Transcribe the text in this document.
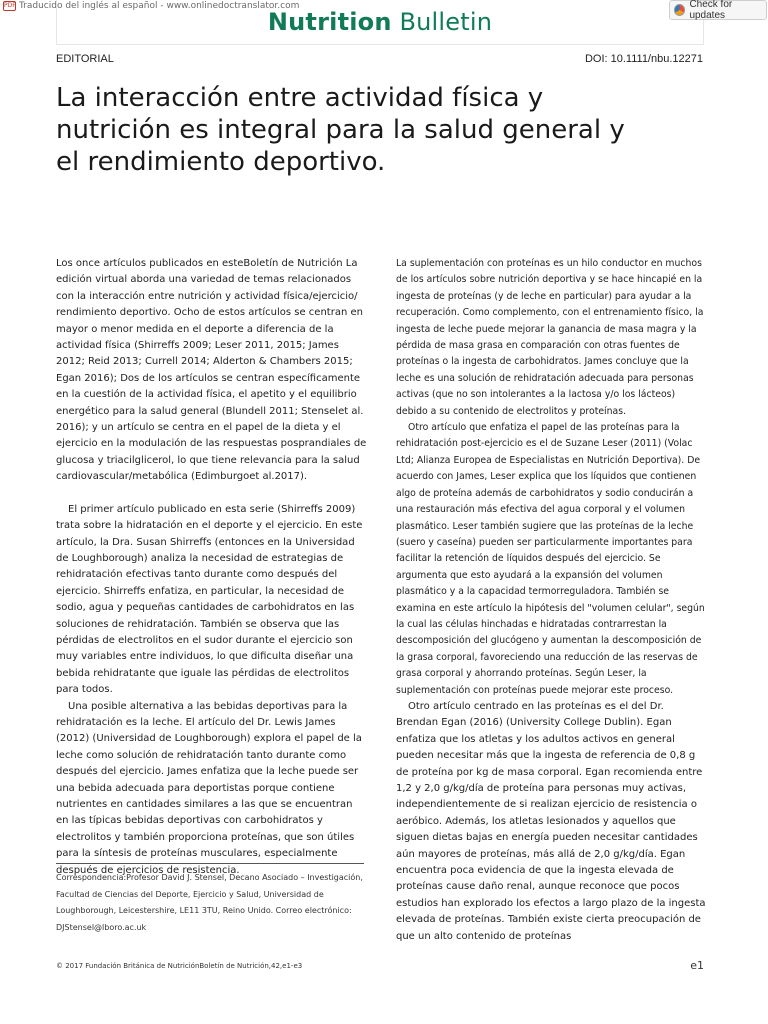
PDF Traducido del inglés al español - www.onlinedoctranslator.com
Nutrition Bulletin
Check for updates
EDITORIAL	DOI: 10.1111/nbu.12271
La interacción entre actividad física y nutrición es integral para la salud general y el rendimiento deportivo.

Los once artículos publicados en esteBoletín de Nutrición La edición virtual aborda una variedad de temas relacionados con la interacción entre nutrición y actividad física/ejercicio/ rendimiento deportivo. Ocho de estos artículos se centran en mayor o menor medida en el deporte a diferencia de la actividad física (Shirreffs 2009; Leser 2011, 2015; James 2012; Reid 2013; Currell 2014; Alderton & Chambers 2015; Egan 2016); Dos de los artículos se centran específicamente en la cuestión de la actividad física, el apetito y el equilibrio energético para la salud general (Blundell 2011; Stenselet al. 2016); y un artículo se centra en el papel de la dieta y el ejercicio en la modulación de las respuestas posprandiales de glucosa y triacilglicerol, lo que tiene relevancia para la salud cardiovascular/metabólica (Edimburgoet al.2017).

El primer artículo publicado en esta serie (Shirreffs 2009) trata sobre la hidratación en el deporte y el ejercicio. En este artículo, la Dra. Susan Shirreffs (entonces en la Universidad de Loughborough) analiza la necesidad de estrategias de rehidratación efectivas tanto durante como después del ejercicio. Shirreffs enfatiza, en particular, la necesidad de sodio, agua y pequeñas cantidades de carbohidratos en las soluciones de rehidratación. También se observa que las pérdidas de electrolitos en el sudor durante el ejercicio son muy variables entre individuos, lo que dificulta diseñar una bebida rehidratante que iguale las pérdidas de electrolitos para todos.

Una posible alternativa a las bebidas deportivas para la rehidratación es la leche. El artículo del Dr. Lewis James (2012) (Universidad de Loughborough) explora el papel de la leche como solución de rehidratación tanto durante como después del ejercicio. James enfatiza que la leche puede ser una bebida adecuada para deportistas porque contiene nutrientes en cantidades similares a las que se encuentran en las típicas bebidas deportivas con carbohidratos y electrolitos y también proporciona proteínas, que son útiles para la síntesis de proteínas musculares, especialmente después de ejercicios de resistencia.

La suplementación con proteínas es un hilo conductor en muchos de los artículos sobre nutrición deportiva y se hace hincapié en la ingesta de proteínas (y de leche en particular) para ayudar a la recuperación. Como complemento, con el entrenamiento físico, la ingesta de leche puede mejorar la ganancia de masa magra y la pérdida de masa grasa en comparación con otras fuentes de proteínas o la ingesta de carbohidratos. James concluye que la leche es una solución de rehidratación adecuada para personas activas (que no son intolerantes a la lactosa y/o los lácteos) debido a su contenido de electrolitos y proteínas.

Otro artículo que enfatiza el papel de las proteínas para la rehidratación post-ejercicio es el de Suzane Leser (2011) (Volac Ltd; Alianza Europea de Especialistas en Nutrición Deportiva). De acuerdo con James, Leser explica que los líquidos que contienen algo de proteína además de carbohidratos y sodio conducirán a una restauración más efectiva del agua corporal y el volumen plasmático. Leser también sugiere que las proteínas de la leche (suero y caseína) pueden ser particularmente importantes para facilitar la retención de líquidos después del ejercicio. Se argumenta que esto ayudará a la expansión del volumen plasmático y a la capacidad termorreguladora. También se examina en este artículo la hipótesis del "volumen celular", según la cual las células hinchadas e hidratadas contrarrestan la descomposición del glucógeno y aumentan la descomposición de la grasa corporal, favoreciendo una reducción de las reservas de grasa corporal y ahorrando proteínas. Según Leser, la suplementación con proteínas puede mejorar este proceso.

Otro artículo centrado en las proteínas es el del Dr. Brendan Egan (2016) (University College Dublin). Egan enfatiza que los atletas y los adultos activos en general pueden necesitar más que la ingesta de referencia de 0,8 g de proteína por kg de masa corporal. Egan recomienda entre 1,2 y 2,0 g/kg/día de proteína para personas muy activas, independientemente de si realizan ejercicio de resistencia o aeróbico. Además, los atletas lesionados y aquellos que siguen dietas bajas en energía pueden necesitar cantidades aún mayores de proteínas, más allá de 2,0 g/kg/día. Egan encuentra poca evidencia de que la ingesta elevada de proteínas cause daño renal, aunque reconoce que pocos estudios han explorado los efectos a largo plazo de la ingesta elevada de proteínas. También existe cierta preocupación de que un alto contenido de proteínas

Correspondencia:Profesor David J. Stensel, Decano Asociado – Investigación, Facultad de Ciencias del Deporte, Ejercicio y Salud, Universidad de Loughborough, Leicestershire, LE11 3TU, Reino Unido. Correo electrónico: DJStensel@lboro.ac.uk
© 2017 Fundación Británica de NutriciónBoletín de Nutrición,42,e1-e3	e1
